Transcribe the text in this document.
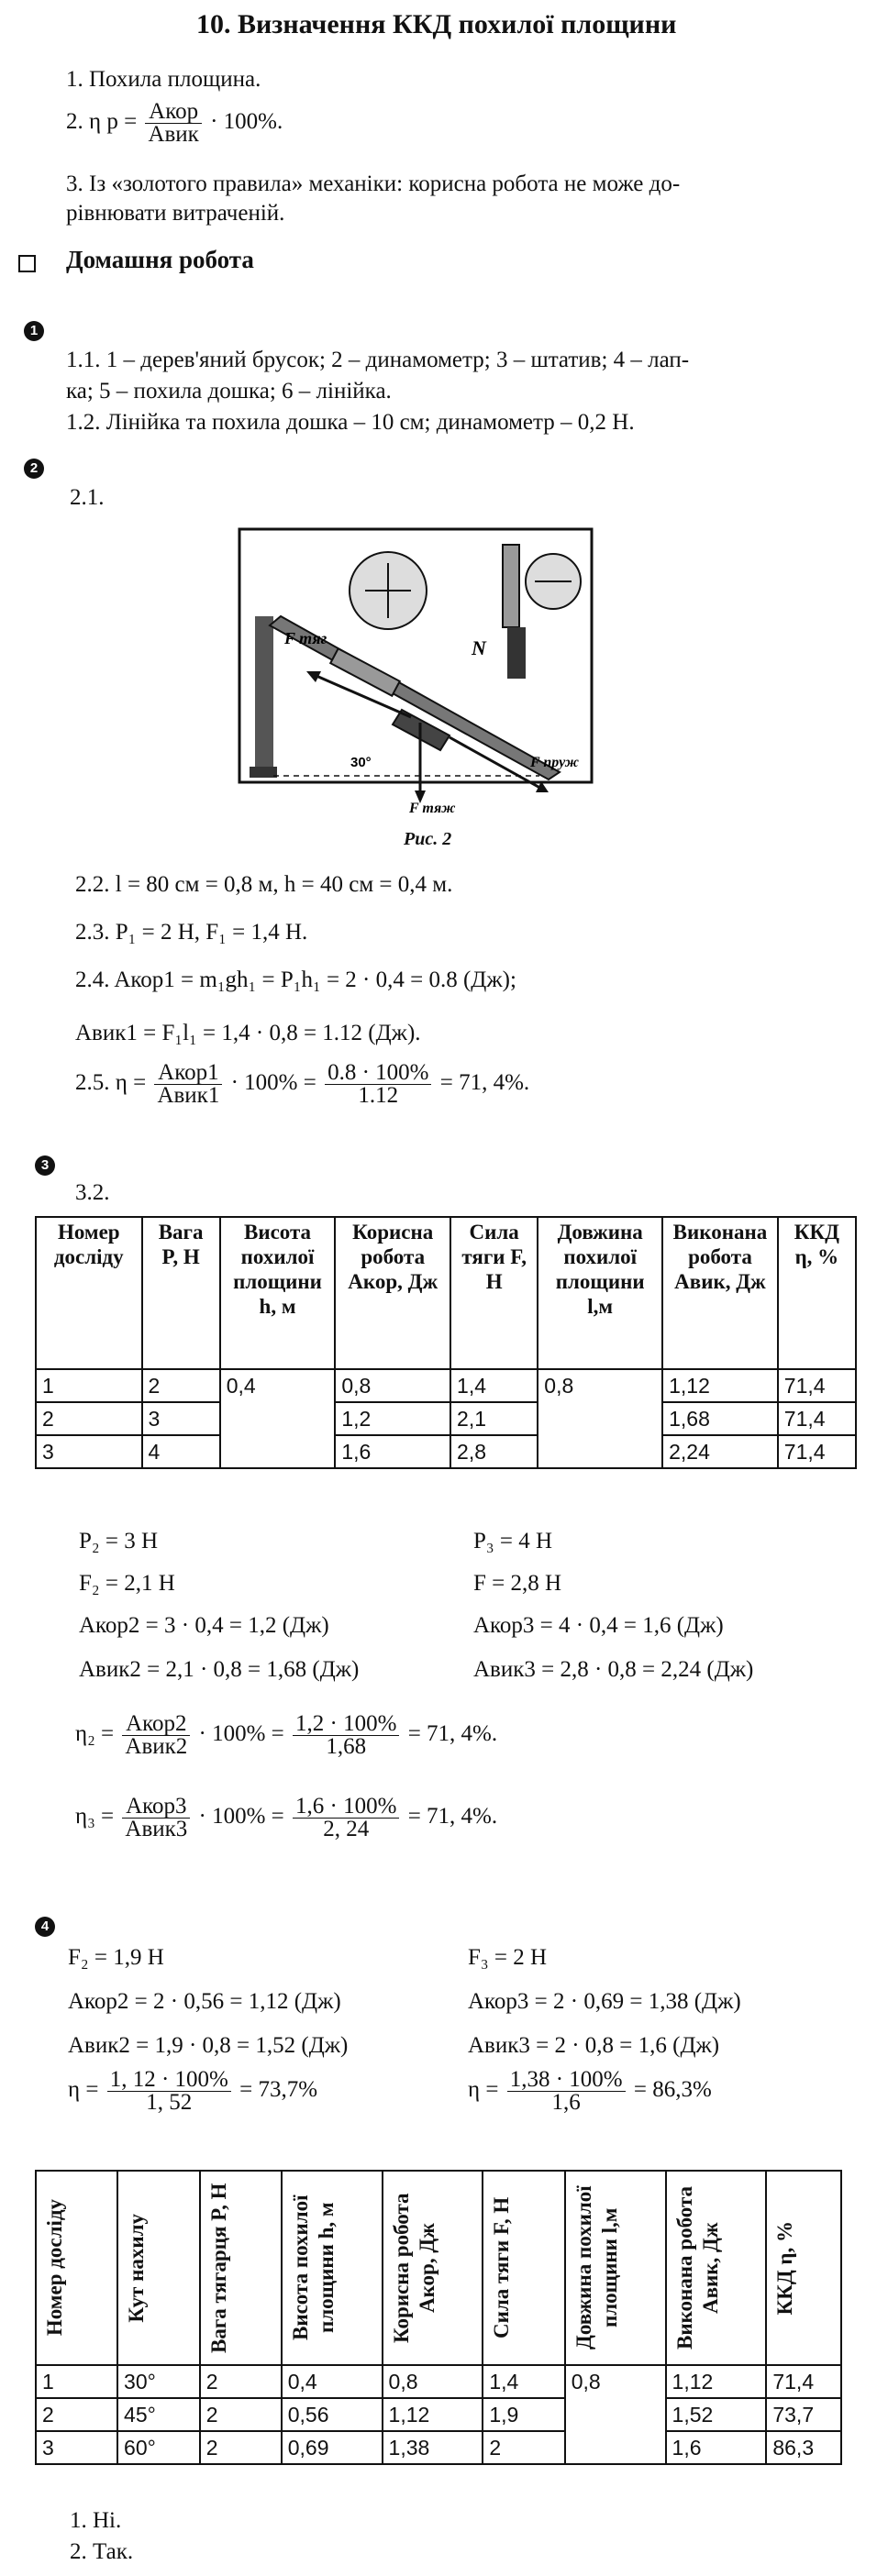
10. Визначення ККД похилої площини
1. Похила площина.
2. η $р = \frac{\text{Aкор}}{\text{Aвик}} \cdot 100\%$.
3. Із «золотого правила» механіки: корисна робота не може до-
рівнювати витраченій.
Домашня робота
1
1.1. 1 – дерев'яний брусок; 2 – динамометр; 3 – штатив; 4 – лап-
ка; 5 – похила дошка; 6 – лінійка.
1.2. Лінійка та похила дошка – 10 см; динамометр – 0,2 Н.
2
2.1.
F тяг	N
30°	F пруж
F тяж
Рис. 2
2.2. l = 80 см = 0,8 м, h = 40 см = 0,4 м.
2.3. P₁ = 2 Н, F₁ = 1,4 Н.
2.4. Aкор1 = m₁gh₁ = P₁h₁ = 2 · 0,4 = 0.8 (Дж);
Aвик1 = F₁l₁ = 1,4 · 0,8 = 1.12 (Дж).
2.5. $\eta = \frac{\text{Aкор1}}{\text{Aвик1}} \cdot 100\% = \frac{0.8 \cdot 100\%}{1.12} = 71$, 4%.
3
3.2.
Номер досліду	Вага P, Н	Висота похилої площини h, м	Корисна робота Aкор, Дж	Сила тяги F, Н	Довжина похилої площини l,м	Виконана робота Aвик, Дж	ККД η, %
1	2	0,4	0,8	1,4	0,8	1,12	71,4
2	3		1,2	2,1		1,68	71,4
3	4		1,6	2,8		2,24	71,4
P₂ = 3 Н	P₃ = 4 Н
F₂ = 2,1 Н	F = 2,8 Н
Aкор2 = 3 · 0,4 = 1,2 (Дж)	Aкор3 = 4 · 0,4 = 1,6 (Дж)
Aвик2 = 2,1 · 0,8 = 1,68 (Дж)	Aвик3 = 2,8 · 0,8 = 2,24 (Дж)
$\eta_2 = \frac{\text{Aкор2}}{\text{Aвик2}} \cdot 100\% = \frac{1,2 \cdot 100\%}{1,68} = 71$, 4%.
$\eta_3 = \frac{\text{Aкор3}}{\text{Aвик3}} \cdot 100\% = \frac{1,6 \cdot 100\%}{2, 24} = 71$, 4%.
4
F₂ = 1,9 Н	F₃ = 2 Н
Aкор2 = 2 · 0,56 = 1,12 (Дж)	Aкор3 = 2 · 0,69 = 1,38 (Дж)
Aвик2 = 1,9 · 0,8 = 1,52 (Дж)	Aвик3 = 2 · 0,8 = 1,6 (Дж)
$\eta = \frac{1, 12 \cdot 100\%}{1, 52} = 73,7\%$	$\eta = \frac{1,38 \cdot 100\%}{1,6} = 86,3\%$
Номер досліду	Кут нахилу	Вага тягарця P, Н	Висота похилої площини h, м	Корисна робота Aкор, Дж	Сила тяги F, Н	Довжина похилої площини l,м	Виконана робота Aвик, Дж	ККД η, %

1	30°	2	0,4	0,8	1,4	0,8	1,12	71,4
2	45°	2	0,56	1,12	1,9		1,52	73,7
3	60°	2	0,69	1,38	2		1,6	86,3
1. Ні.
2. Так.
